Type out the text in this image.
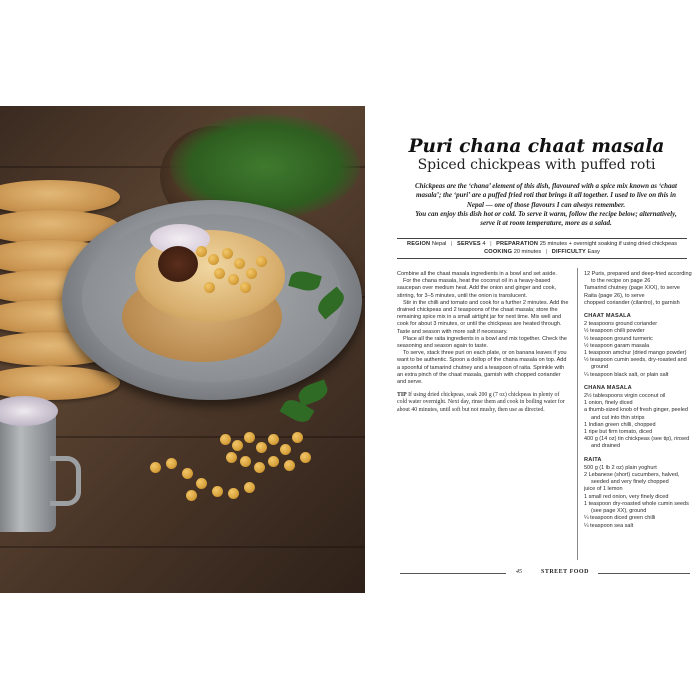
Puri chana chaat masala
Spiced chickpeas with puffed roti
Chickpeas are the ‘chana’ element of this dish, flavoured with a spice mix known as ‘chaat masala’; the ‘puri’ are a puffed fried roti that brings it all together. I used to live on this in Nepal — one of those flavours I can always remember.
You can enjoy this dish hot or cold. To serve it warm, follow the recipe below; alternatively, serve it at room temperature, more as a salad.
REGION Nepal | SERVES 4 | PREPARATION 25 minutes + overnight soaking if using dried chickpeas
COOKING 20 minutes | DIFFICULTY Easy
Combine all the chaat masala ingredients in a bowl and set aside.
For the chana masala, heat the coconut oil in a heavy-based saucepan over medium heat. Add the onion and ginger and cook, stirring, for 3–5 minutes, until the onion is translucent.
Stir in the chilli and tomato and cook for a further 2 minutes. Add the drained chickpeas and 2 teaspoons of the chaat masala; store the remaining spice mix in a small airtight jar for next time. Mix well and cook for about 3 minutes, or until the chickpeas are heated through. Taste and season with more salt if necessary.
Place all the raita ingredients in a bowl and mix together. Check the seasoning and season again to taste.
To serve, stack three puri on each plate, or on banana leaves if you want to be authentic. Spoon a dollop of the chana masala on top. Add a spoonful of tamarind chutney and a teaspoon of raita. Sprinkle with an extra pinch of the chaat masala, garnish with chopped coriander and serve.
TIP If using dried chickpeas, soak 200 g (7 oz) chickpeas in plenty of cold water overnight. Next day, rinse them and cook in boiling water for about 40 minutes, until soft but not mushy, then use as directed.
12 Puris, prepared and deep-fried according to the recipe on page 26
Tamarind chutney (page XXX), to serve
Raita (page 26), to serve
chopped coriander (cilantro), to garnish
CHAAT MASALA
2 teaspoons ground coriander
½ teaspoon chilli powder
½ teaspoon ground turmeric
½ teaspoon garam masala
1 teaspoon amchur (dried mango powder)
½ teaspoon cumin seeds, dry-roasted and ground
¼ teaspoon black salt, or plain salt
CHANA MASALA
2½ tablespoons virgin coconut oil
1 onion, finely diced
a thumb-sized knob of fresh ginger, peeled and cut into thin strips
1 Indian green chilli, chopped
1 ripe but firm tomato, diced
400 g (14 oz) tin chickpeas (see tip), rinsed and drained
RAITA
500 g (1 lb 2 oz) plain yoghurt
2 Lebanese (short) cucumbers, halved, seeded and very finely chopped
juice of 1 lemon
1 small red onion, very finely diced
1 teaspoon dry-roasted whole cumin seeds (see page XX), ground
¼ teaspoon diced green chilli
¼ teaspoon sea salt
45	STREET FOOD
